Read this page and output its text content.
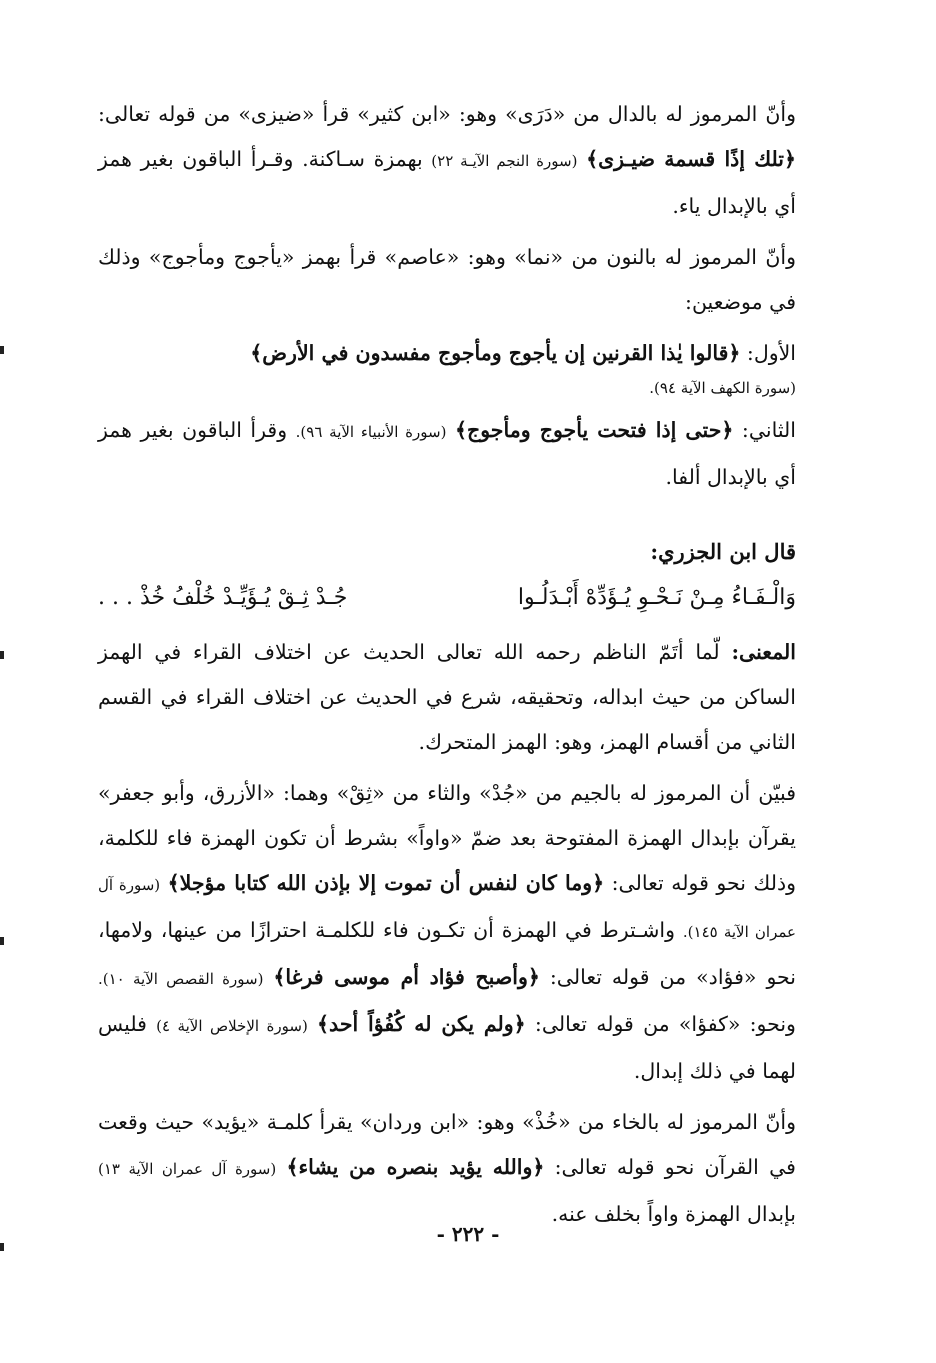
وأنّ المرموز له بالدال من «دَرَى» وهو: «ابن كثير» قرأ «ضيزى» من قوله تعالى: ﴿تلك إذًا قسمة ضيـزى﴾ (سورة النجم الآيـة ٢٢) بهمزة سـاكنة. وقـرأ الباقون بغير همز أي بالإبدال ياء.

وأنّ المرموز له بالنون من «نما» وهو: «عاصم» قرأ بهمز «يأجوج ومأجوج» وذلك في موضعين:

الأول: ﴿قالوا يٰذا القرنين إن يأجوج ومأجوج مفسدون في الأرض﴾

(سورة الكهف الآية ٩٤).

الثاني: ﴿حتى إذا فتحت يأجوج ومأجوج﴾ (سورة الأنبياء الآية ٩٦). وقرأ الباقون بغير همز أي بالإبدال ألفا.

قال ابن الجزري:
وَالْـفَـاءُ مِـنْ نَـحْـوِ يُـؤَدِّهْ أَبْـدَلُـوا
جُـدْ ثِـقْ يُـؤَيِّـدْ خُلْفُ خُذْ . . .

المعنى: لّما أتَمّ الناظم رحمه الله تعالى الحديث عن اختلاف القراء في الهمز الساكن من حيث ابداله، وتحقيقه، شرع في الحديث عن اختلاف القراء في القسم الثاني من أقسام الهمز، وهو: الهمز المتحرك.

فبيّن أن المرموز له بالجيم من «جُدْ» والثاء من «ثِقْ» وهما: «الأزرق، وأبو جعفر» يقرآن بإبدال الهمزة المفتوحة بعد ضمّ «واواً» بشرط أن تكون الهمزة فاء للكلمة، وذلك نحو قوله تعالى: ﴿وما كان لنفس أن تموت إلا بإذن الله كتابا مؤجلا﴾ (سورة آل عمران الآية ١٤٥). واشـترط في الهمزة أن تكـون فاء للكلمـة احترازًا من عينها، ولامها، نحو «فؤاد» من قوله تعالى: ﴿وأصبح فؤاد أم موسى فرغا﴾ (سورة القصص الآية ١٠). ونحو: «كفؤا» من قوله تعالى: ﴿ولم يكن له كُفُؤاً أحد﴾ (سورة الإخلاص الآية ٤) فليس لهما في ذلك إبدال.

وأنّ المرموز له بالخاء من «خُذْ» وهو: «ابن وردان» يقرأ كلمـة «يؤيد» حيث وقعت في القرآن نحو قوله تعالى: ﴿والله يؤيد بنصره من يشاء﴾ (سورة آل عمران الآية ١٣) بإبدال الهمزة واواً بخلف عنه.

- ٢٢٢ -
